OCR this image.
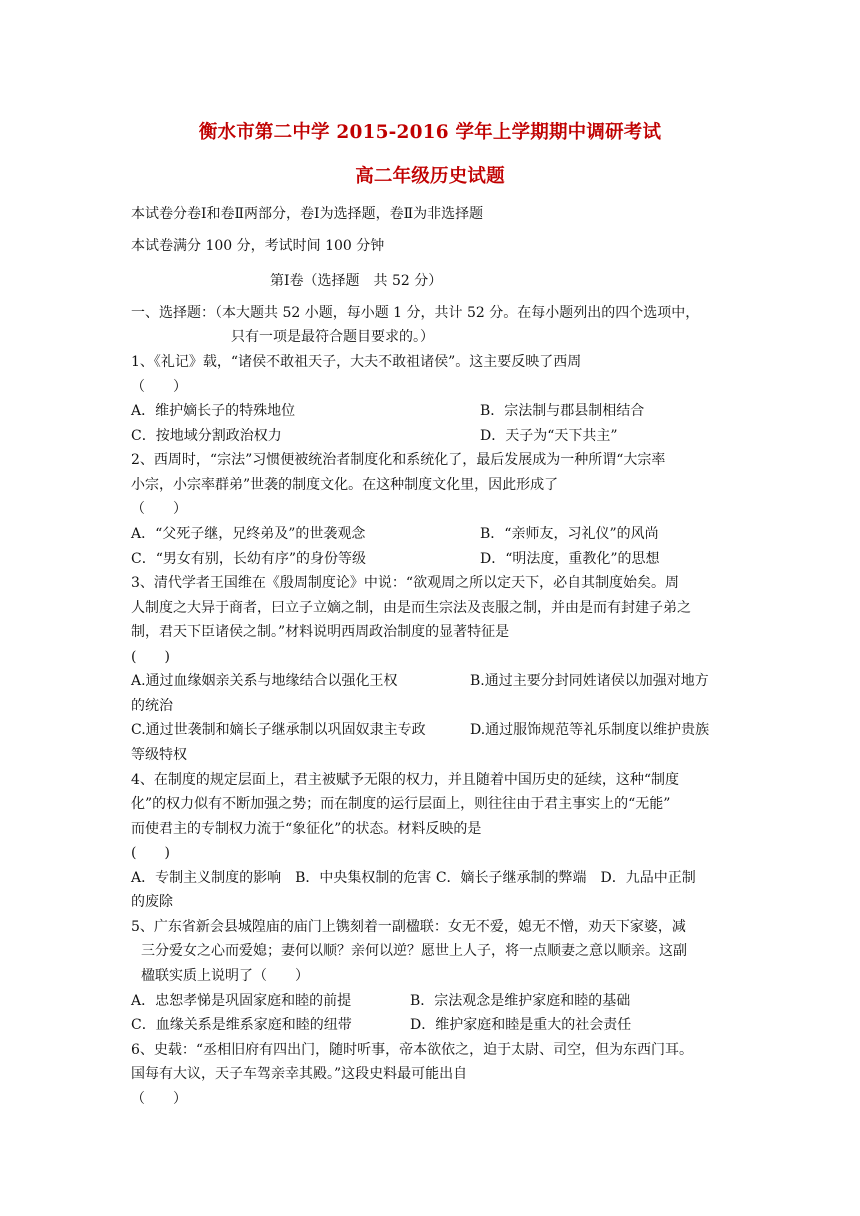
衡水市第二中学 2015-2016 学年上学期期中调研考试
高二年级历史试题
本试卷分卷Ⅰ和卷Ⅱ两部分，卷Ⅰ为选择题，卷Ⅱ为非选择题
本试卷满分 100 分，考试时间 100 分钟
第Ⅰ卷（选择题　共 52 分）
一、选择题：（本大题共 52 小题，每小题 1 分，共计 52 分。在每小题列出的四个选项中，
只有一项是最符合题目要求的。）
1、《礼记》载，“诸侯不敢祖天子，大夫不敢祖诸侯”。这主要反映了西周
（　　）
A．维护嫡长子的特殊地位	B．宗法制与郡县制相结合
C．按地域分割政治权力	D．天子为“天下共主”
2、西周时，“宗法”习惯便被统治者制度化和系统化了，最后发展成为一种所谓“大宗率
小宗，小宗率群弟”世袭的制度文化。在这种制度文化里，因此形成了
（　　）
A．“父死子继，兄终弟及”的世袭观念	B．“亲师友，习礼仪”的风尚
C．“男女有别，长幼有序”的身份等级	D．“明法度，重教化”的思想
3、清代学者王国维在《殷周制度论》中说：“欲观周之所以定天下，必自其制度始矣。周
人制度之大异于商者，曰立子立嫡之制，由是而生宗法及丧服之制，并由是而有封建子弟之
制，君天下臣诸侯之制。”材料说明西周政治制度的显著特征是
(　　)
A.通过血缘姻亲关系与地缘结合以强化王权	B.通过主要分封同姓诸侯以加强对地方
的统治
C.通过世袭制和嫡长子继承制以巩固奴隶主专政	D.通过服饰规范等礼乐制度以维护贵族
等级特权
4、在制度的规定层面上，君主被赋予无限的权力，并且随着中国历史的延续，这种“制度
化”的权力似有不断加强之势；而在制度的运行层面上，则往往由于君主事实上的“无能”
而使君主的专制权力流于“象征化”的状态。材料反映的是
(　　)
A．专制主义制度的影响　B．中央集权制的危害 C．嫡长子继承制的弊端　D．九品中正制
的废除
5、广东省新会县城隍庙的庙门上镌刻着一副楹联：女无不爱，媳无不憎，劝天下家婆，减
三分爱女之心而爱媳；妻何以顺？亲何以逆？愿世上人子，将一点顺妻之意以顺亲。这副
楹联实质上说明了（　　）
A．忠恕孝悌是巩固家庭和睦的前提	B．宗法观念是维护家庭和睦的基础
C．血缘关系是维系家庭和睦的纽带	D．维护家庭和睦是重大的社会责任
6、史载：“丞相旧府有四出门，随时听事，帝本欲依之，迫于太尉、司空，但为东西门耳。
国每有大议，天子车驾亲幸其殿。”这段史料最可能出自
（　　）
